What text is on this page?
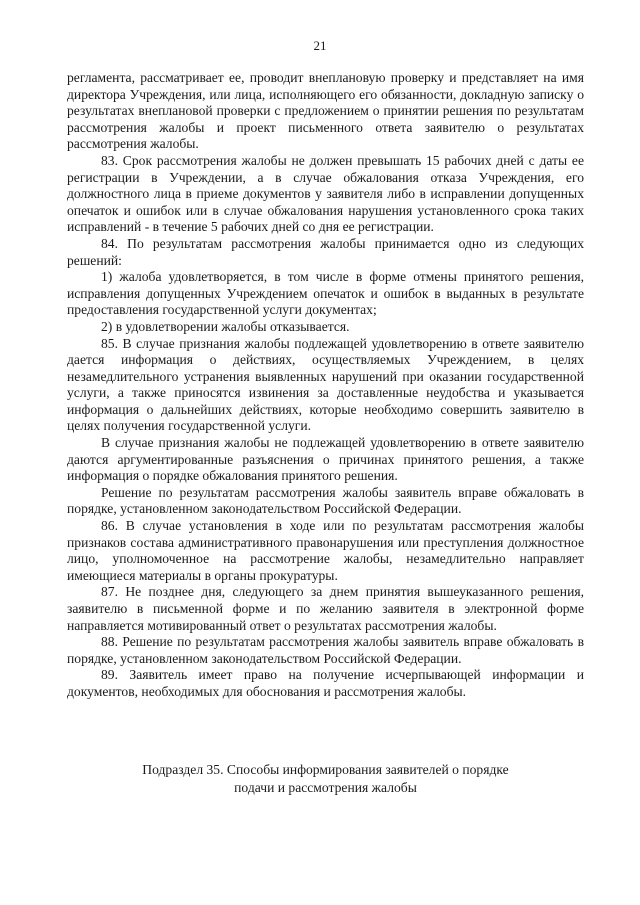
21

регламента, рассматривает ее, проводит внеплановую проверку и представляет на имя директора Учреждения, или лица, исполняющего его обязанности, докладную записку о результатах внеплановой проверки с предложением о принятии решения по результатам рассмотрения жалобы и проект письменного ответа заявителю о результатах рассмотрения жалобы.

83. Срок рассмотрения жалобы не должен превышать 15 рабочих дней с даты ее регистрации в Учреждении, а в случае обжалования отказа Учреждения, его должностного лица в приеме документов у заявителя либо в исправлении допущенных опечаток и ошибок или в случае обжалования нарушения установленного срока таких исправлений - в течение 5 рабочих дней со дня ее регистрации.

84. По результатам рассмотрения жалобы принимается одно из следующих решений:

1) жалоба удовлетворяется, в том числе в форме отмены принятого решения, исправления допущенных Учреждением опечаток и ошибок в выданных в результате предоставления государственной услуги документах;

2) в удовлетворении жалобы отказывается.

85. В случае признания жалобы подлежащей удовлетворению в ответе заявителю дается информация о действиях, осуществляемых Учреждением, в целях незамедлительного устранения выявленных нарушений при оказании государственной услуги, а также приносятся извинения за доставленные неудобства и указывается информация о дальнейших действиях, которые необходимо совершить заявителю в целях получения государственной услуги.

В случае признания жалобы не подлежащей удовлетворению в ответе заявителю даются аргументированные разъяснения о причинах принятого решения, а также информация о порядке обжалования принятого решения.

Решение по результатам рассмотрения жалобы заявитель вправе обжаловать в порядке, установленном законодательством Российской Федерации.

86. В случае установления в ходе или по результатам рассмотрения жалобы признаков состава административного правонарушения или преступления должностное лицо, уполномоченное на рассмотрение жалобы, незамедлительно направляет имеющиеся материалы в органы прокуратуры.

87. Не позднее дня, следующего за днем принятия вышеуказанного решения, заявителю в письменной форме и по желанию заявителя в электронной форме направляется мотивированный ответ о результатах рассмотрения жалобы.

88. Решение по результатам рассмотрения жалобы заявитель вправе обжаловать в порядке, установленном законодательством Российской Федерации.

89. Заявитель имеет право на получение исчерпывающей информации и документов, необходимых для обоснования и рассмотрения жалобы.

Подраздел 35. Способы информирования заявителей о порядке
подачи и рассмотрения жалобы
